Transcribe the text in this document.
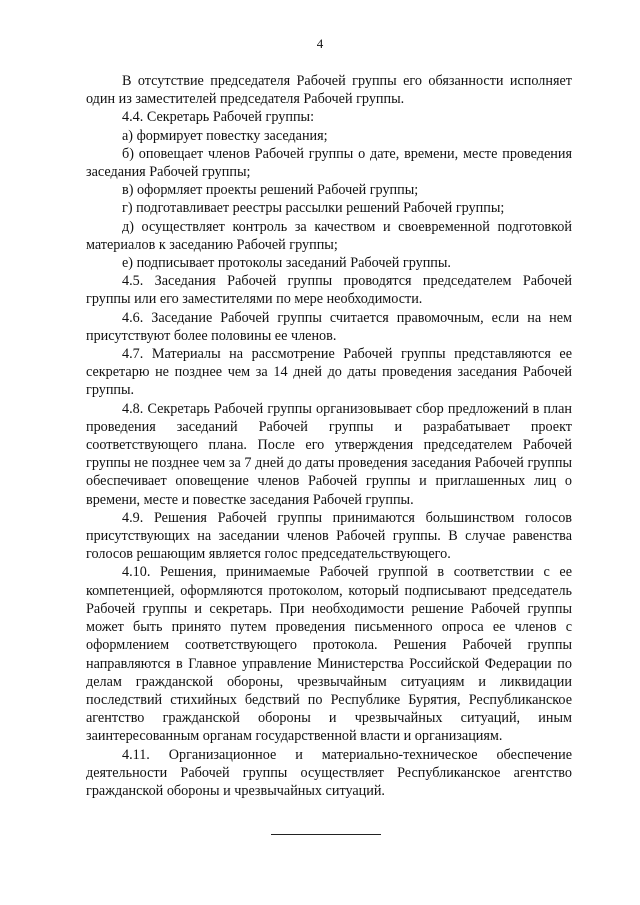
4

В отсутствие председателя Рабочей группы его обязанности исполняет один из заместителей председателя Рабочей группы.

4.4. Секретарь Рабочей группы:

а) формирует повестку заседания;

б) оповещает членов Рабочей группы о дате, времени, месте проведения заседания Рабочей группы;

в) оформляет проекты решений Рабочей группы;

г) подготавливает реестры рассылки решений Рабочей группы;

д) осуществляет контроль за качеством и своевременной подготовкой материалов к заседанию Рабочей группы;

е) подписывает протоколы заседаний Рабочей группы.

4.5. Заседания Рабочей группы проводятся председателем Рабочей группы или его заместителями по мере необходимости.

4.6. Заседание Рабочей группы считается правомочным, если на нем присутствуют более половины ее членов.

4.7. Материалы на рассмотрение Рабочей группы представляются ее секретарю не позднее чем за 14 дней до даты проведения заседания Рабочей группы.

4.8. Секретарь Рабочей группы организовывает сбор предложений в план проведения заседаний Рабочей группы и разрабатывает проект соответствующего плана. После его утверждения председателем Рабочей группы не позднее чем за 7 дней до даты проведения заседания Рабочей группы обеспечивает оповещение членов Рабочей группы и приглашенных лиц о времени, месте и повестке заседания Рабочей группы.

4.9. Решения Рабочей группы принимаются большинством голосов присутствующих на заседании членов Рабочей группы. В случае равенства голосов решающим является голос председательствующего.

4.10. Решения, принимаемые Рабочей группой в соответствии с ее компетенцией, оформляются протоколом, который подписывают председатель Рабочей группы и секретарь. При необходимости решение Рабочей группы может быть принято путем проведения письменного опроса ее членов с оформлением соответствующего протокола. Решения Рабочей группы направляются в Главное управление Министерства Российской Федерации по делам гражданской обороны, чрезвычайным ситуациям и ликвидации последствий стихийных бедствий по Республике Бурятия, Республиканское агентство гражданской обороны и чрезвычайных ситуаций, иным заинтересованным органам государственной власти и организациям.

4.11. Организационное и материально-техническое обеспечение деятельности Рабочей группы осуществляет Республиканское агентство гражданской обороны и чрезвычайных ситуаций.
